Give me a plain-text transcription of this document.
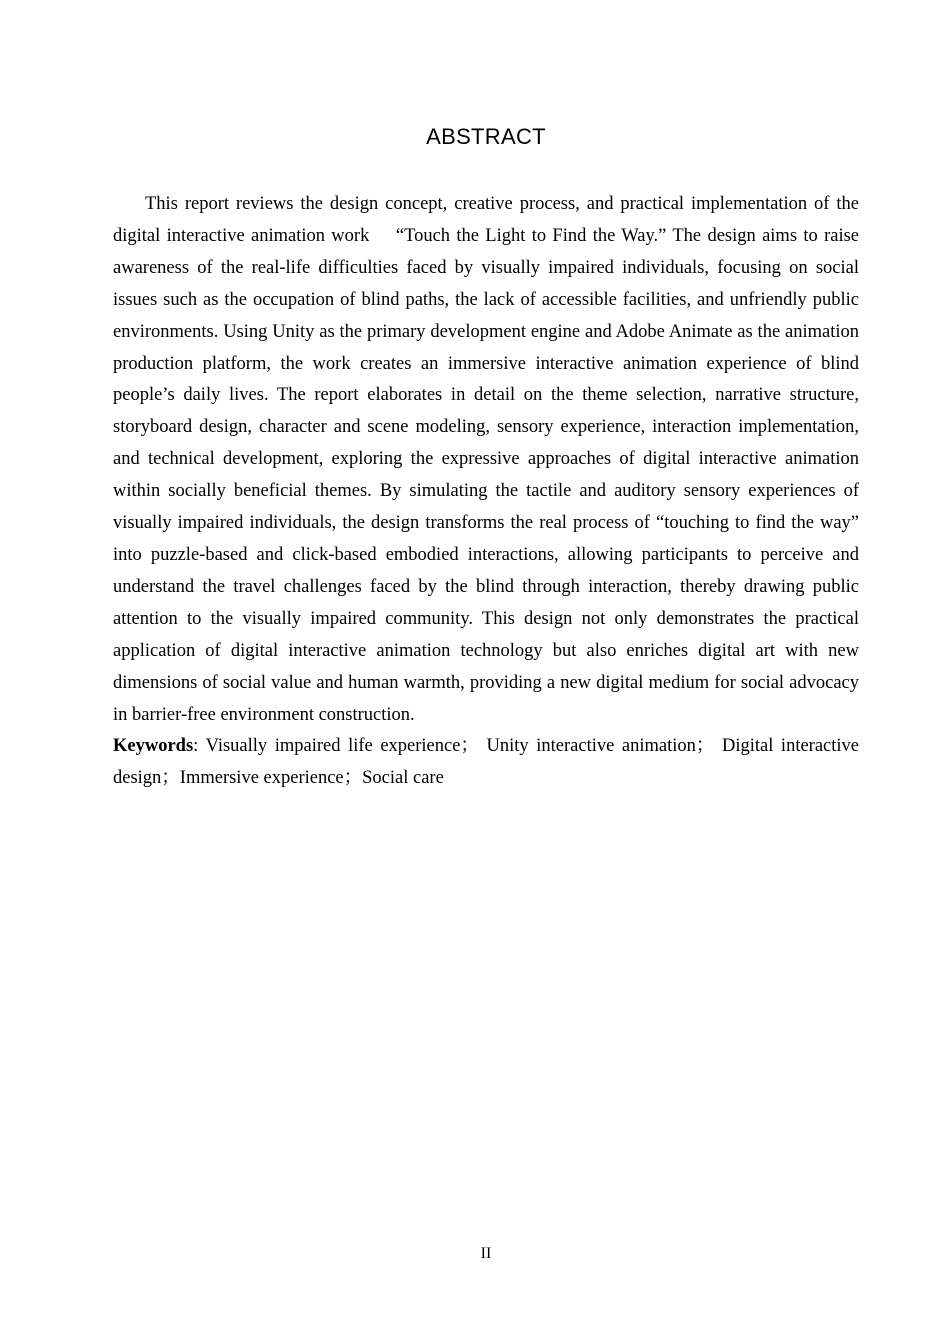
ABSTRACT

This report reviews the design concept, creative process, and practical implementation of the digital interactive animation work 　“Touch the Light to Find the Way.” The design aims to raise awareness of the real-life difficulties faced by visually impaired individuals, focusing on social issues such as the occupation of blind paths, the lack of accessible facilities, and unfriendly public environments. Using Unity as the primary development engine and Adobe Animate as the animation production platform, the work creates an immersive interactive animation experience of blind people’s daily lives. The report elaborates in detail on the theme selection, narrative structure, storyboard design, character and scene modeling, sensory experience, interaction implementation, and technical development, exploring the expressive approaches of digital interactive animation within socially beneficial themes. By simulating the tactile and auditory sensory experiences of visually impaired individuals, the design transforms the real process of “touching to find the way” into puzzle-based and click-based embodied interactions, allowing participants to perceive and understand the travel challenges faced by the blind through interaction, thereby drawing public attention to the visually impaired community. This design not only demonstrates the practical application of digital interactive animation technology but also enriches digital art with new dimensions of social value and human warmth, providing a new digital medium for social advocacy in barrier-free environment construction.

Keywords: Visually impaired life experience； Unity interactive animation； Digital interactive design；Immersive experience；Social care

II
